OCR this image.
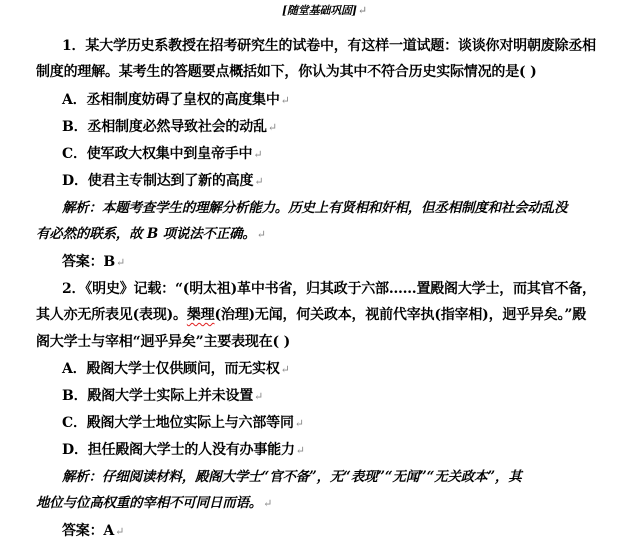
[随堂基础巩固]↵
1．某大学历史系教授在招考研究生的试卷中，有这样一道试题：谈谈你对明朝废除丞相
制度的理解。某考生的答题要点概括如下，你认为其中不符合历史实际情况的是( )
A．丞相制度妨碍了皇权的高度集中↵
B．丞相制度必然导致社会的动乱↵
C．使军政大权集中到皇帝手中↵
D．使君主专制达到了新的高度↵
解析：本题考查学生的理解分析能力。历史上有贤相和奸相，但丞相制度和社会动乱没
有必然的联系，故 B 项说法不正确。↵
答案：B↵
2．《明史》记载：“(明太祖)革中书省，归其政于六部……置殿阁大学士，而其官不备，
其人亦无所表见(表现)。椝理(治理)无闻，何关政本，视前代宰执(指宰相)，迥乎异矣。”殿
阁大学士与宰相“迥乎异矣”主要表现在( )
A．殿阁大学士仅供顾问，而无实权↵
B．殿阁大学士实际上并未设置↵
C．殿阁大学士地位实际上与六部等同↵
D．担任殿阁大学士的人没有办事能力↵
解析：仔细阅读材料，殿阁大学士“官不备”，无“表现”“无闻”“无关政本”，其
地位与位高权重的宰相不可同日而语。↵
答案：A↵
